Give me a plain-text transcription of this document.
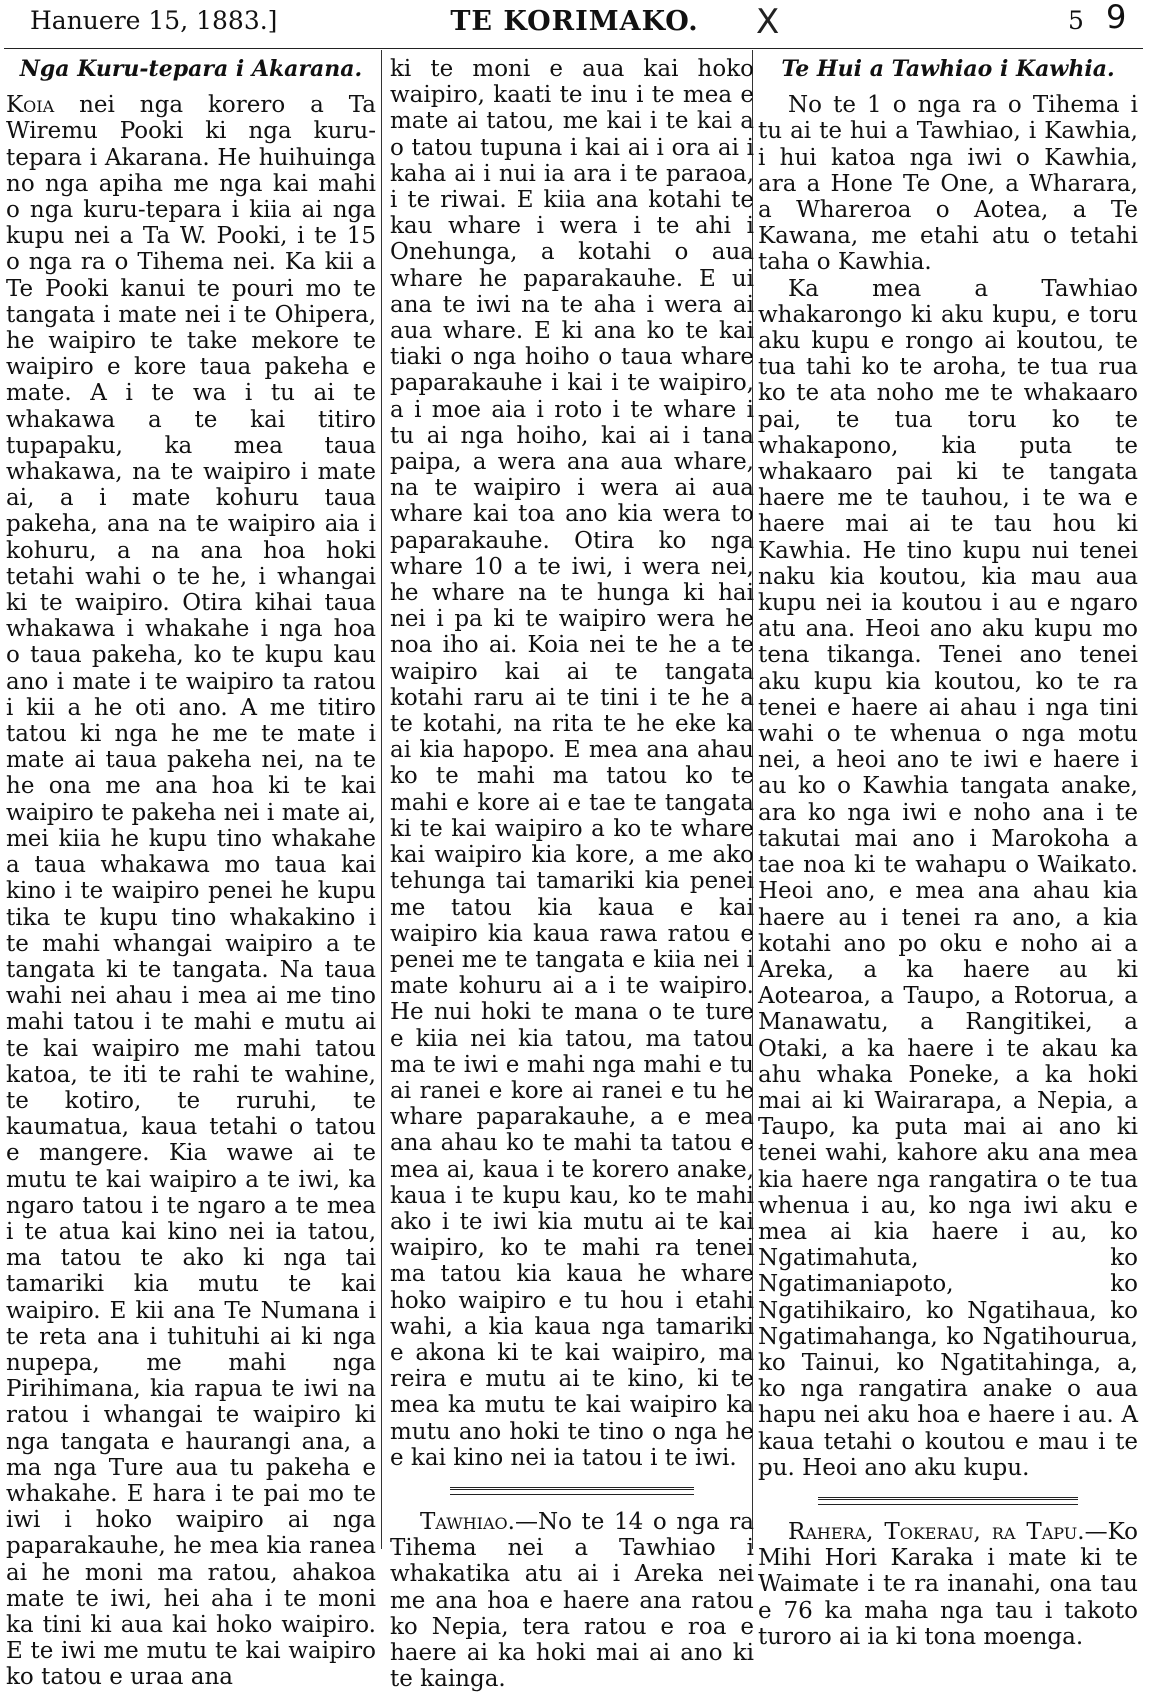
Hanuere 15, 1883.]	TE KORIMAKO.	X	5 9

Nga Kuru-tepara i Akarana.

Koia nei nga korero a Ta Wiremu Pooki ki nga kuru-tepara i Akarana. He huihuinga no nga apiha me nga kai mahi o nga kuru-tepara i kiia ai nga kupu nei a Ta W. Pooki, i te 15 o nga ra o Tihema nei. Ka kii a Te Pooki kanui te pouri mo te tangata i mate nei i te Ohipera, he waipiro te take mekore te waipiro e kore taua pakeha e mate. A i te wa i tu ai te whakawa a te kai titiro tupapaku, ka mea taua whakawa, na te waipiro i mate ai, a i mate kohuru taua pakeha, ana na te waipiro aia i kohuru, a na ana hoa hoki tetahi wahi o te he, i whangai ki te waipiro. Otira kihai taua whakawa i whakahe i nga hoa o taua pakeha, ko te kupu kau ano i mate i te waipiro ta ratou i kii a he oti ano. A me titiro tatou ki nga he me te mate i mate ai taua pakeha nei, na te he ona me ana hoa ki te kai waipiro te pakeha nei i mate ai, mei kiia he kupu tino whakahe a taua whakawa mo taua kai kino i te waipiro penei he kupu tika te kupu tino whakakino i te mahi whangai waipiro a te tangata ki te tangata. Na taua wahi nei ahau i mea ai me tino mahi tatou i te mahi e mutu ai te kai waipiro me mahi tatou katoa, te iti te rahi te wahine, te kotiro, te ruruhi, te kaumatua, kaua tetahi o tatou e mangere. Kia wawe ai te mutu te kai waipiro a te iwi, ka ngaro tatou i te ngaro a te mea i te atua kai kino nei ia tatou, ma tatou te ako ki nga tai tamariki kia mutu te kai waipiro. E kii ana Te Numana i te reta ana i tuhituhi ai ki nga nupepa, me mahi nga Pirihimana, kia rapua te iwi na ratou i whangai te waipiro ki nga tangata e haurangi ana, a ma nga Ture aua tu pakeha e whakahe. E hara i te pai mo te iwi i hoko waipiro ai nga paparakauhe, he mea kia ranea ai he moni ma ratou, ahakoa mate te iwi, hei aha i te moni ka tini ki aua kai hoko waipiro. E te iwi me mutu te kai waipiro ko tatou e uraa ana

ki te moni e aua kai hoko waipiro, kaati te inu i te mea e mate ai tatou, me kai i te kai a o tatou tupuna i kai ai i ora ai i kaha ai i nui ia ara i te paraoa, i te riwai. E kiia ana kotahi te kau whare i wera i te ahi i Onehunga, a kotahi o aua whare he paparakauhe. E ui ana te iwi na te aha i wera ai aua whare. E ki ana ko te kai tiaki o nga hoiho o taua whare paparakauhe i kai i te waipiro, a i moe aia i roto i te whare i tu ai nga hoiho, kai ai i tana paipa, a wera ana aua whare, na te waipiro i wera ai aua whare kai toa ano kia wera to paparakauhe. Otira ko nga whare 10 a te iwi, i wera nei, he whare na te hunga ki hai nei i pa ki te waipiro wera he noa iho ai. Koia nei te he a te waipiro kai ai te tangata kotahi raru ai te tini i te he a te kotahi, na rita te he eke ka ai kia hapopo. E mea ana ahau ko te mahi ma tatou ko te mahi e kore ai e tae te tangata ki te kai waipiro a ko te whare kai waipiro kia kore, a me ako tehunga tai tamariki kia penei me tatou kia kaua e kai waipiro kia kaua rawa ratou e penei me te tangata e kiia nei i mate kohuru ai a i te waipiro. He nui hoki te mana o te ture e kiia nei kia tatou, ma tatou ma te iwi e mahi nga mahi e tu ai ranei e kore ai ranei e tu he whare paparakauhe, a e mea ana ahau ko te mahi ta tatou e mea ai, kaua i te korero anake, kaua i te kupu kau, ko te mahi ako i te iwi kia mutu ai te kai waipiro, ko te mahi ra tenei ma tatou kia kaua he whare hoko waipiro e tu hou i etahi wahi, a kia kaua nga tamariki e akona ki te kai waipiro, ma reira e mutu ai te kino, ki te mea ka mutu te kai waipiro ka mutu ano hoki te tino o nga he e kai kino nei ia tatou i te iwi.

Tawhiao.—No te 14 o nga ra Tihema nei a Tawhiao i whakatika atu ai i Areka nei me ana hoa e haere ana ratou ko Nepia, tera ratou e roa e haere ai ka hoki mai ai ano ki te kainga.

Te Hui a Tawhiao i Kawhia.

No te 1 o nga ra o Tihema i tu ai te hui a Tawhiao, i Kawhia, i hui katoa nga iwi o Kawhia, ara a Hone Te One, a Wharara, a Whareroa o Aotea, a Te Kawana, me etahi atu o tetahi taha o Kawhia.

Ka mea a Tawhiao whakarongo ki aku kupu, e toru aku kupu e rongo ai koutou, te tua tahi ko te aroha, te tua rua ko te ata noho me te whakaaro pai, te tua toru ko te whakapono, kia puta te whakaaro pai ki te tangata haere me te tauhou, i te wa e haere mai ai te tau hou ki Kawhia. He tino kupu nui tenei naku kia koutou, kia mau aua kupu nei ia koutou i au e ngaro atu ana. Heoi ano aku kupu mo tena tikanga. Tenei ano tenei aku kupu kia koutou, ko te ra tenei e haere ai ahau i nga tini wahi o te whenua o nga motu nei, a heoi ano te iwi e haere i au ko o Kawhia tangata anake, ara ko nga iwi e noho ana i te takutai mai ano i Marokoha a tae noa ki te wahapu o Waikato. Heoi ano, e mea ana ahau kia haere au i tenei ra ano, a kia kotahi ano po oku e noho ai a Areka, a ka haere au ki Aotearoa, a Taupo, a Rotorua, a Manawatu, a Rangitikei, a Otaki, a ka haere i te akau ka ahu whaka Poneke, a ka hoki mai ai ki Wairarapa, a Nepia, a Taupo, ka puta mai ai ano ki tenei wahi, kahore aku ana mea kia haere nga rangatira o te tua whenua i au, ko nga iwi aku e mea ai kia haere i au, ko Ngatimahuta, ko Ngatimaniapoto, ko Ngatihikairo, ko Ngatihaua, ko Ngatimahanga, ko Ngatihourua, ko Tainui, ko Ngatitahinga, a, ko nga rangatira anake o aua hapu nei aku hoa e haere i au. A kaua tetahi o koutou e mau i te pu. Heoi ano aku kupu.

Rahera, Tokerau, ra Tapu.—Ko Mihi Hori Karaka i mate ki te Waimate i te ra inanahi, ona tau e 76 ka maha nga tau i takoto turoro ai ia ki tona moenga.
